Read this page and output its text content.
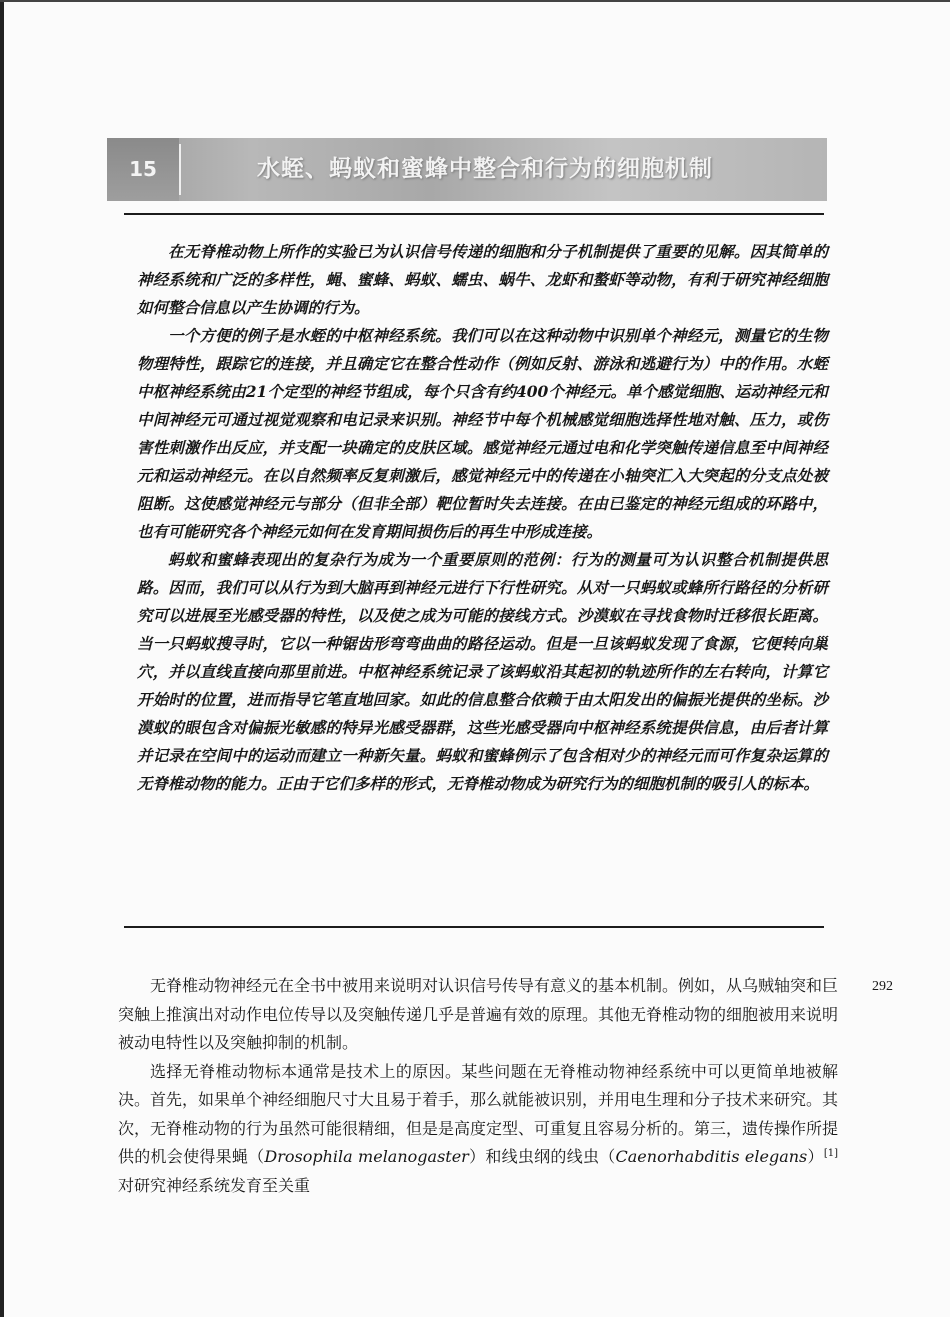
15	水蛭、蚂蚁和蜜蜂中整合和行为的细胞机制

在无脊椎动物上所作的实验已为认识信号传递的细胞和分子机制提供了重要的见解。因其简单的神经系统和广泛的多样性，蝇、蜜蜂、蚂蚁、蠕虫、蜗牛、龙虾和螯虾等动物，有利于研究神经细胞如何整合信息以产生协调的行为。

一个方便的例子是水蛭的中枢神经系统。我们可以在这种动物中识别单个神经元，测量它的生物物理特性，跟踪它的连接，并且确定它在整合性动作（例如反射、游泳和逃避行为）中的作用。水蛭中枢神经系统由21个定型的神经节组成，每个只含有约400个神经元。单个感觉细胞、运动神经元和中间神经元可通过视觉观察和电记录来识别。神经节中每个机械感觉细胞选择性地对触、压力，或伤害性刺激作出反应，并支配一块确定的皮肤区域。感觉神经元通过电和化学突触传递信息至中间神经元和运动神经元。在以自然频率反复刺激后，感觉神经元中的传递在小轴突汇入大突起的分支点处被阻断。这使感觉神经元与部分（但非全部）靶位暂时失去连接。在由已鉴定的神经元组成的环路中，也有可能研究各个神经元如何在发育期间损伤后的再生中形成连接。

蚂蚁和蜜蜂表现出的复杂行为成为一个重要原则的范例：行为的测量可为认识整合机制提供思路。因而，我们可以从行为到大脑再到神经元进行下行性研究。从对一只蚂蚁或蜂所行路径的分析研究可以进展至光感受器的特性，以及使之成为可能的接线方式。沙漠蚁在寻找食物时迁移很长距离。当一只蚂蚁搜寻时，它以一种锯齿形弯弯曲曲的路径运动。但是一旦该蚂蚁发现了食源，它便转向巢穴，并以直线直接向那里前进。中枢神经系统记录了该蚂蚁沿其起初的轨迹所作的左右转向，计算它开始时的位置，进而指导它笔直地回家。如此的信息整合依赖于由太阳发出的偏振光提供的坐标。沙漠蚁的眼包含对偏振光敏感的特异光感受器群，这些光感受器向中枢神经系统提供信息，由后者计算并记录在空间中的运动而建立一种新矢量。蚂蚁和蜜蜂例示了包含相对少的神经元而可作复杂运算的无脊椎动物的能力。正由于它们多样的形式，无脊椎动物成为研究行为的细胞机制的吸引人的标本。

292

无脊椎动物神经元在全书中被用来说明对认识信号传导有意义的基本机制。例如，从乌贼轴突和巨突触上推演出对动作电位传导以及突触传递几乎是普遍有效的原理。其他无脊椎动物的细胞被用来说明被动电特性以及突触抑制的机制。

选择无脊椎动物标本通常是技术上的原因。某些问题在无脊椎动物神经系统中可以更简单地被解决。首先，如果单个神经细胞尺寸大且易于着手，那么就能被识别，并用电生理和分子技术来研究。其次，无脊椎动物的行为虽然可能很精细，但是是高度定型、可重复且容易分析的。第三，遗传操作所提供的机会使得果蝇（Drosophila melanogaster）和线虫纲的线虫（Caenorhabditis elegans）[1]对研究神经系统发育至关重
